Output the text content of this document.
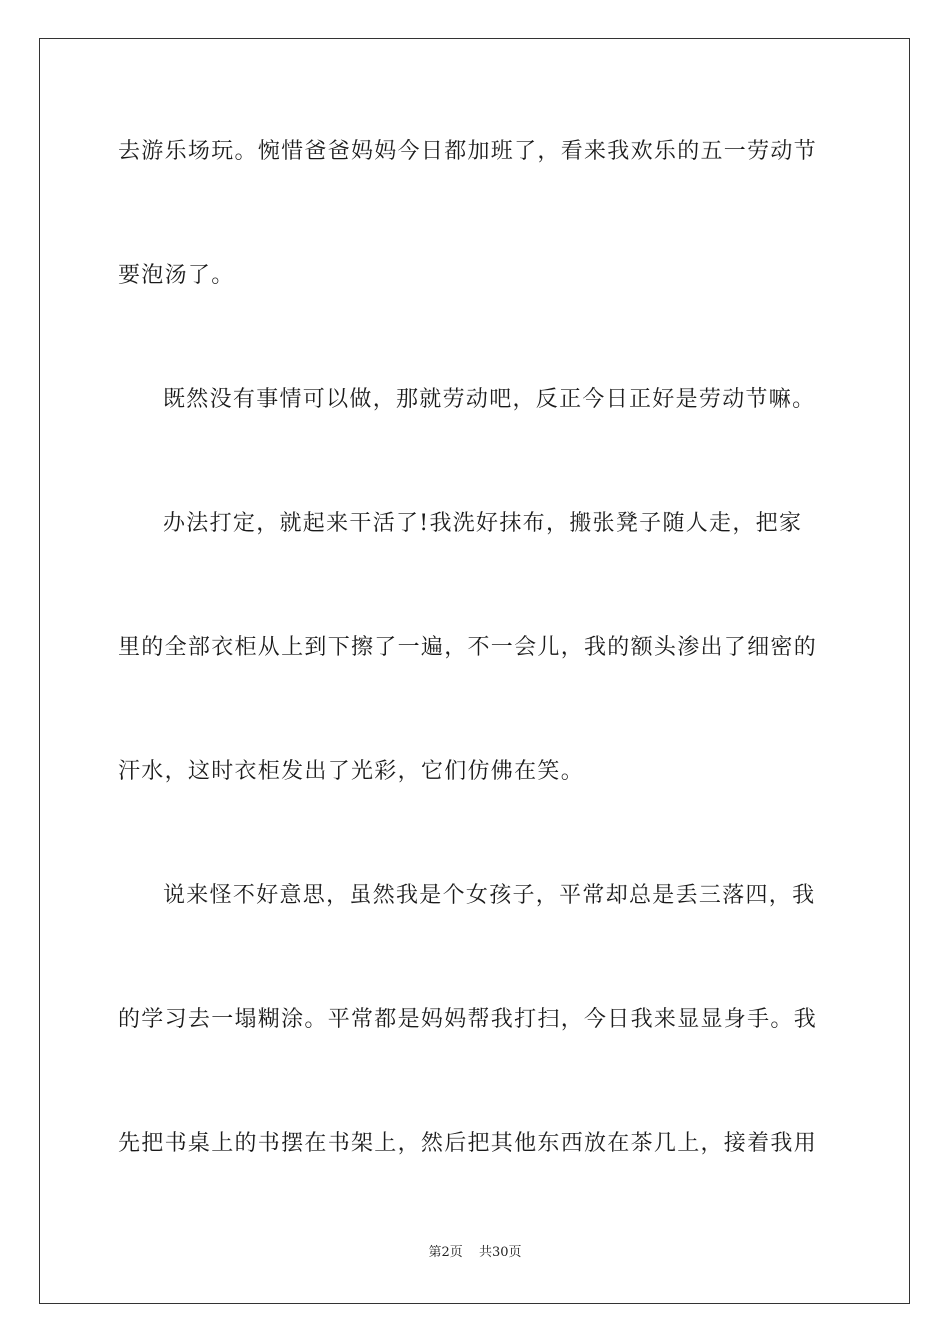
去游乐场玩。惋惜爸爸妈妈今日都加班了，看来我欢乐的五一劳动节
要泡汤了。
既然没有事情可以做，那就劳动吧，反正今日正好是劳动节嘛。
办法打定，就起来干活了!我洗好抹布，搬张凳子随人走，把家
里的全部衣柜从上到下擦了一遍，不一会儿，我的额头渗出了细密的
汗水，这时衣柜发出了光彩，它们仿佛在笑。
说来怪不好意思，虽然我是个女孩子，平常却总是丢三落四，我
的学习去一塌糊涂。平常都是妈妈帮我打扫，今日我来显显身手。我
先把书桌上的书摆在书架上，然后把其他东西放在茶几上，接着我用
第2页 共30页
